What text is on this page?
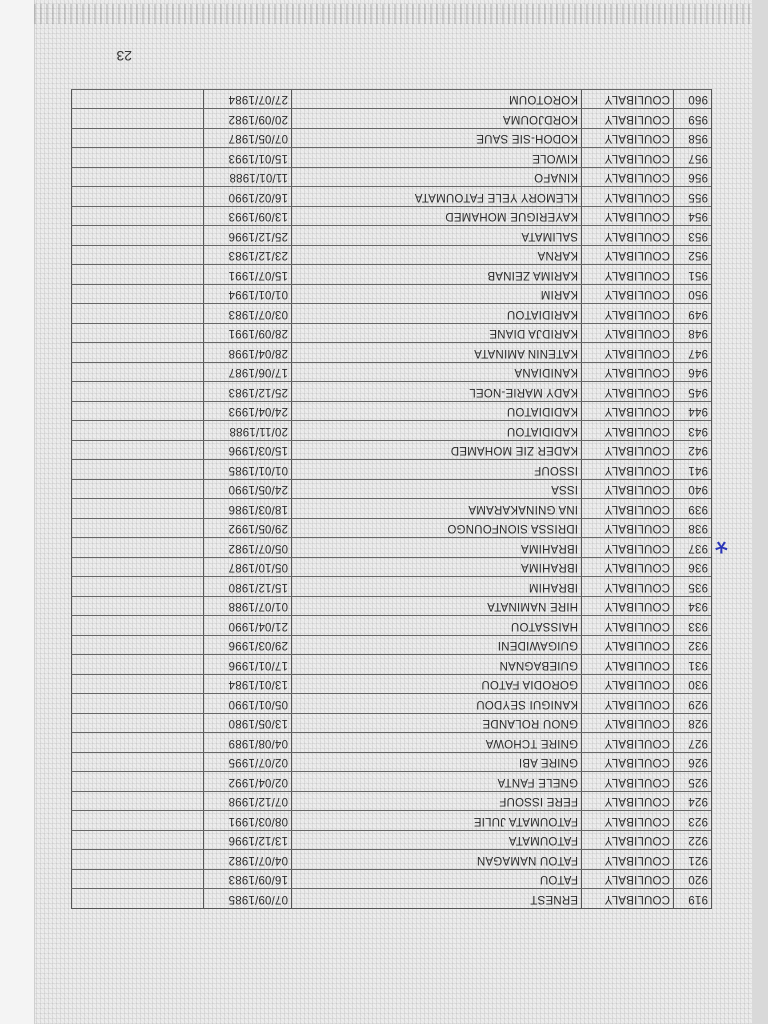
23
919
COULIBALY
ERNEST
07/09/1985
920
COULIBALY
FATOU
16/09/1983
921
COULIBALY
FATOU NAMAGAN
04/07/1982
922
COULIBALY
FATOUMATA
13/12/1996
923
COULIBALY
FATOUMATA JULIE
08/03/1991
924
COULIBALY
FERE ISSOUF
07/12/1998
925
COULIBALY
GNELE FANTA
02/04/1992
926
COULIBALY
GNIRE ABI
02/07/1995
927
COULIBALY
GNIRE TCHOWA
04/08/1989
928
COULIBALY
GNOU ROLANDE
13/05/1980
929
COULIBALY
KANIGUI SEYDOU
05/01/1990
930
COULIBALY
GORODIA FATOU
13/01/1984
931
COULIBALY
GUIEBAGNAN
17/01/1996
932
COULIBALY
GUIGAWIDENI
29/03/1996
933
COULIBALY
HAISSATOU
21/04/1990
934
COULIBALY
HIRE NAMINATA
01/07/1988
935
COULIBALY
IBRAHIM
15/12/1980
936
COULIBALY
IBRAHIMA
05/10/1987
937
COULIBALY
IBRAHIMA
05/07/1982
938
COULIBALY
IDRISSA SIONFOUNGO
29/05/1992
939
COULIBALY
INA GNINAKARAMA
18/03/1986
940
COULIBALY
ISSA
24/05/1990
941
COULIBALY
ISSOUF
01/01/1985
942
COULIBALY
KADER ZIE MOHAMED
15/03/1996
943
COULIBALY
KADIDIATOU
20/11/1988
944
COULIBALY
KADIDIATOU
24/04/1993
945
COULIBALY
KADY MARIE-NOEL
25/12/1983
946
COULIBALY
KANIDIANA
17/06/1987
947
COULIBALY
KATENIN AMINATA
28/04/1998
948
COULIBALY
KARIDJA DIANE
28/09/1991
949
COULIBALY
KARIDIATOU
03/07/1983
950
COULIBALY
KARIM
01/01/1994
951
COULIBALY
KARIMA ZEINAB
15/07/1991
952
COULIBALY
KARNA
23/12/1983
953
COULIBALY
SALIMATA
25/12/1996
954
COULIBALY
KAYERIGUE MOHAMED
13/09/1993
955
COULIBALY
KLEMORY YELE FATOUMATA
16/02/1990
956
COULIBALY
KINAFO
11/01/1988
957
COULIBALY
KIWOLE
15/01/1993
958
COULIBALY
KODOH-SIE SAUE
07/05/1987
959
COULIBALY
KORDJOUMA
20/09/1982
960
COULIBALY
KOROTOUM
27/07/1984
*
